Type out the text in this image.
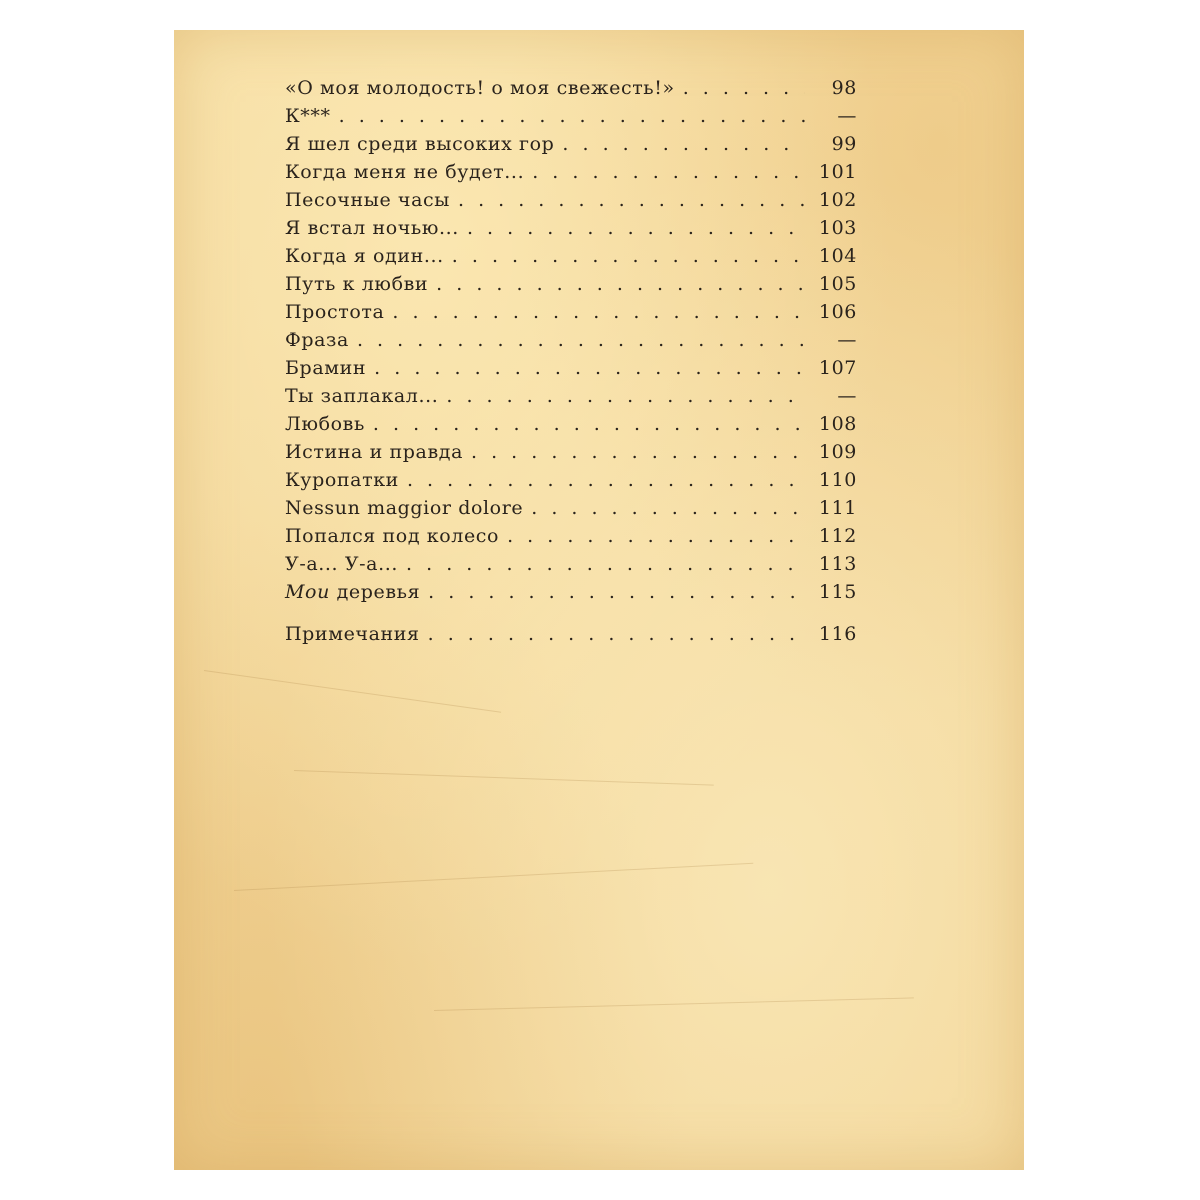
«О моя молодость! о моя свежесть!» . . .	98
К*** . . .	—
Я шел среди высоких гор . . .	99
Когда меня не будет... . . .	101
Песочные часы . . .	102
Я встал ночью... . . .	103
Когда я один... . . .	104
Путь к любви . . .	105
Простота . . .	106
Фраза . . .	—
Брамин . . .	107
Ты заплакал... . . .	—
Любовь . . .	108
Истина и правда . . .	109
Куропатки . . .	110
Nessun maggior dolore . . .	111
Попался под колесо . . .	112
У-а... У-а... . . .	113
Мои деревья . . .	115
Примечания . . .	116
